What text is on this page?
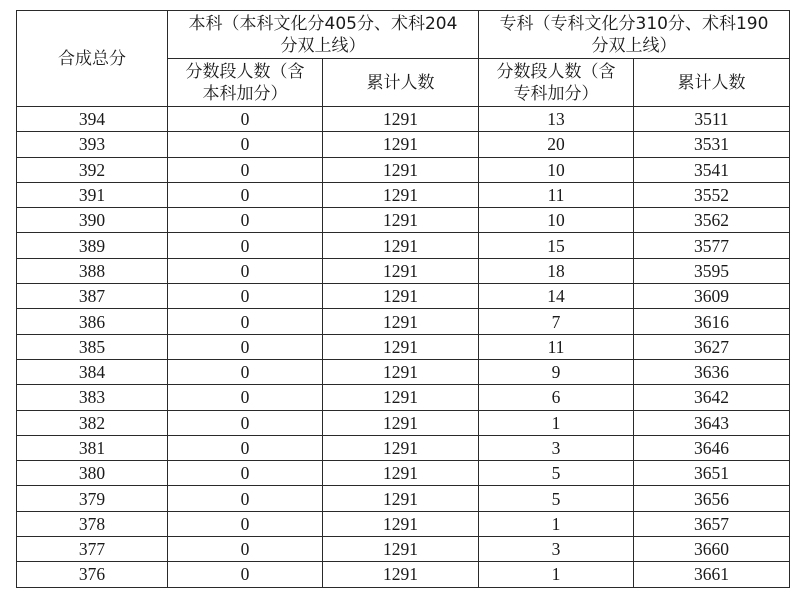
合成总分	本科（本科文化分405分、术科204
分双上线）		专科（专科文化分310分、术科190
分双上线）	

	分数段人数（含
本科加分）	累计人数	分数段人数（含
专科加分）	累计人数
394	0	1291	13	3511
393	0	1291	20	3531
392	0	1291	10	3541
391	0	1291	11	3552
390	0	1291	10	3562
389	0	1291	15	3577
388	0	1291	18	3595
387	0	1291	14	3609
386	0	1291	7	3616
385	0	1291	11	3627
384	0	1291	9	3636
383	0	1291	6	3642
382	0	1291	1	3643
381	0	1291	3	3646
380	0	1291	5	3651
379	0	1291	5	3656
378	0	1291	1	3657
377	0	1291	3	3660
376	0	1291	1	3661
